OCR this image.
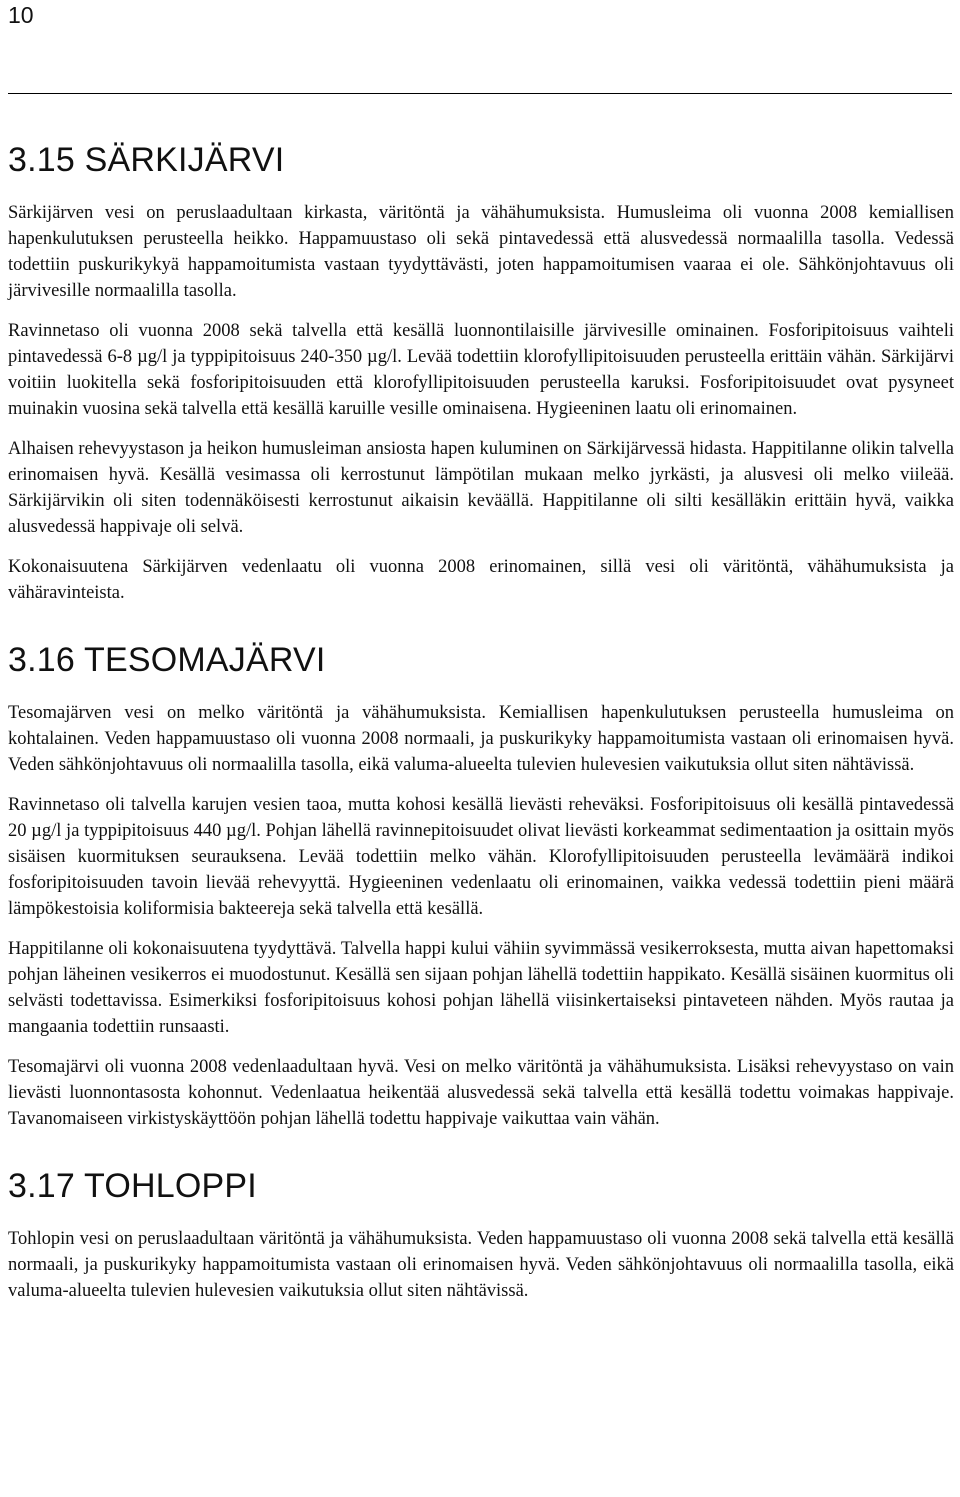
10
3.15 SÄRKIJÄRVI

Särkijärven vesi on peruslaadultaan kirkasta, väritöntä ja vähähumuksista. Humusleima oli vuonna 2008 kemiallisen hapenkulutuksen perusteella heikko. Happamuustaso oli sekä pintavedessä että alusvedessä normaalilla tasolla. Vedessä todettiin puskurikykyä happamoitumista vastaan tyydyttävästi, joten happamoitumisen vaaraa ei ole. Sähkönjohtavuus oli järvivesille normaalilla tasolla.

Ravinnetaso oli vuonna 2008 sekä talvella että kesällä luonnontilaisille järvivesille ominainen. Fosforipitoisuus vaihteli pintavedessä 6-8 µg/l ja typpipitoisuus 240-350 µg/l. Levää todettiin klorofyllipitoisuuden perusteella erittäin vähän. Särkijärvi voitiin luokitella sekä fosforipitoisuuden että klorofyllipitoisuuden perusteella karuksi. Fosforipitoisuudet ovat pysyneet muinakin vuosina sekä talvella että kesällä karuille vesille ominaisena. Hygieeninen laatu oli erinomainen.

Alhaisen rehevyystason ja heikon humusleiman ansiosta hapen kuluminen on Särkijärvessä hidasta. Happitilanne olikin talvella erinomaisen hyvä. Kesällä vesimassa oli kerrostunut lämpötilan mukaan melko jyrkästi, ja alusvesi oli melko viileää. Särkijärvikin oli siten todennäköisesti kerrostunut aikaisin keväällä. Happitilanne oli silti kesälläkin erittäin hyvä, vaikka alusvedessä happivaje oli selvä.

Kokonaisuutena Särkijärven vedenlaatu oli vuonna 2008 erinomainen, sillä vesi oli väritöntä, vähähumuksista ja vähäravinteista.

3.16 TESOMAJÄRVI

Tesomajärven vesi on melko väritöntä ja vähähumuksista. Kemiallisen hapenkulutuksen perusteella humusleima on kohtalainen. Veden happamuustaso oli vuonna 2008 normaali, ja puskurikyky happamoitumista vastaan oli erinomaisen hyvä. Veden sähkönjohtavuus oli normaalilla tasolla, eikä valuma-alueelta tulevien hulevesien vaikutuksia ollut siten nähtävissä.

Ravinnetaso oli talvella karujen vesien taoa, mutta kohosi kesällä lievästi reheväksi. Fosforipitoisuus oli kesällä pintavedessä 20 µg/l ja typpipitoisuus 440 µg/l. Pohjan lähellä ravinnepitoisuudet olivat lievästi korkeammat sedimentaation ja osittain myös sisäisen kuormituksen seurauksena. Levää todettiin melko vähän. Klorofyllipitoisuuden perusteella levämäärä indikoi fosforipitoisuuden tavoin lievää rehevyyttä. Hygieeninen vedenlaatu oli erinomainen, vaikka vedessä todettiin pieni määrä lämpökestoisia koliformisia bakteereja sekä talvella että kesällä.

Happitilanne oli kokonaisuutena tyydyttävä. Talvella happi kului vähiin syvimmässä vesikerroksesta, mutta aivan hapettomaksi pohjan läheinen vesikerros ei muodostunut. Kesällä sen sijaan pohjan lähellä todettiin happikato. Kesällä sisäinen kuormitus oli selvästi todettavissa. Esimerkiksi fosforipitoisuus kohosi pohjan lähellä viisinkertaiseksi pintaveteen nähden. Myös rautaa ja mangaania todettiin runsaasti.

Tesomajärvi oli vuonna 2008 vedenlaadultaan hyvä. Vesi on melko väritöntä ja vähähumuksista. Lisäksi rehevyystaso on vain lievästi luonnontasosta kohonnut. Vedenlaatua heikentää alusvedessä sekä talvella että kesällä todettu voimakas happivaje. Tavanomaiseen virkistyskäyttöön pohjan lähellä todettu happivaje vaikuttaa vain vähän.

3.17 TOHLOPPI

Tohlopin vesi on peruslaadultaan väritöntä ja vähähumuksista. Veden happamuustaso oli vuonna 2008 sekä talvella että kesällä normaali, ja puskurikyky happamoitumista vastaan oli erinomaisen hyvä. Veden sähkönjohtavuus oli normaalilla tasolla, eikä valuma-alueelta tulevien hulevesien vaikutuksia ollut siten nähtävissä.
